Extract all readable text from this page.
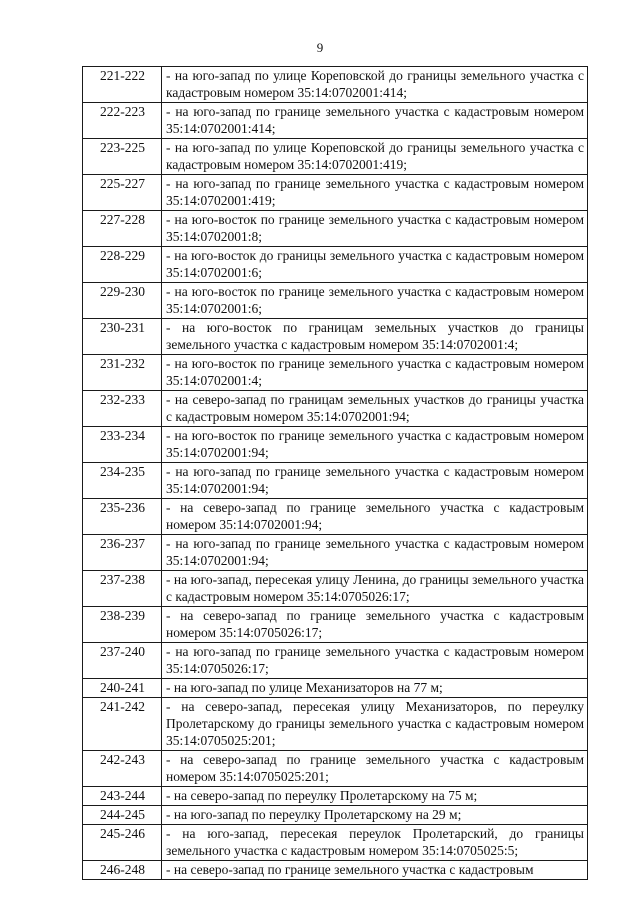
9
221-222	- на юго-запад по улице Кореповской до границы земельного участка с кадастровым номером 35:14:0702001:414;
222-223	- на юго-запад по границе земельного участка с кадастровым номером 35:14:0702001:414;
223-225	- на юго-запад по улице Кореповской до границы земельного участка с кадастровым номером 35:14:0702001:419;
225-227	- на юго-запад по границе земельного участка с кадастровым номером 35:14:0702001:419;
227-228	- на юго-восток по границе земельного участка с кадастровым номером 35:14:0702001:8;
228-229	- на юго-восток до границы земельного участка с кадастровым номером 35:14:0702001:6;
229-230	- на юго-восток по границе земельного участка с кадастровым номером 35:14:0702001:6;
230-231	- на юго-восток по границам земельных участков до границы земельного участка с кадастровым номером 35:14:0702001:4;
231-232	- на юго-восток по границе земельного участка с кадастровым номером 35:14:0702001:4;
232-233	- на северо-запад по границам земельных участков до границы участка с кадастровым номером 35:14:0702001:94;
233-234	- на юго-восток по границе земельного участка с кадастровым номером 35:14:0702001:94;
234-235	- на юго-запад по границе земельного участка с кадастровым номером 35:14:0702001:94;
235-236	- на северо-запад по границе земельного участка с кадастровым номером 35:14:0702001:94;
236-237	- на юго-запад по границе земельного участка с кадастровым номером 35:14:0702001:94;
237-238	- на юго-запад, пересекая улицу Ленина, до границы земельного участка с кадастровым номером 35:14:0705026:17;
238-239	- на северо-запад по границе земельного участка с кадастровым номером 35:14:0705026:17;
237-240	- на юго-запад по границе земельного участка с кадастровым номером 35:14:0705026:17;
240-241	- на юго-запад по улице Механизаторов на 77 м;
241-242	- на северо-запад, пересекая улицу Механизаторов, по переулку Пролетарскому до границы земельного участка с кадастровым номером 35:14:0705025:201;
242-243	- на северо-запад по границе земельного участка с кадастровым номером 35:14:0705025:201;
243-244	- на северо-запад по переулку Пролетарскому на 75 м;
244-245	- на юго-запад по переулку Пролетарскому на 29 м;
245-246	- на юго-запад, пересекая переулок Пролетарский, до границы земельного участка с кадастровым номером 35:14:0705025:5;
246-248	- на северо-запад по границе земельного участка с кадастровым
